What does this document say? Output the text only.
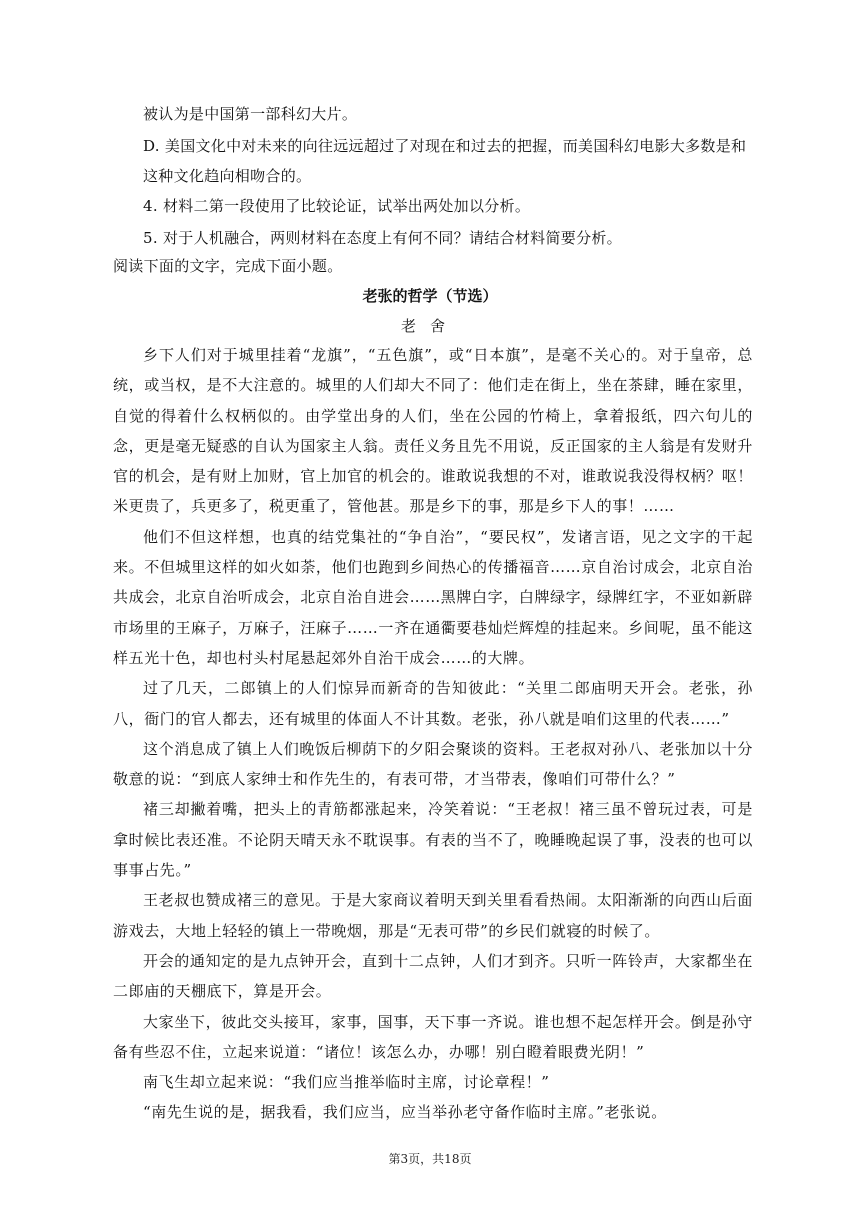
被认为是中国第一部科幻大片。
D. 美国文化中对未来的向往远远超过了对现在和过去的把握，而美国科幻电影大多数是和
这种文化趋向相吻合的。
4. 材料二第一段使用了比较论证，试举出两处加以分析。
5. 对于人机融合，两则材料在态度上有何不同？请结合材料简要分析。
阅读下面的文字，完成下面小题。
老张的哲学（节选）
老舍

乡下人们对于城里挂着“龙旗”，“五色旗”，或“日本旗”，是毫不关心的。对于皇帝，总统，或当权，是不大注意的。城里的人们却大不同了：他们走在街上，坐在茶肆，睡在家里，自觉的得着什么权柄似的。由学堂出身的人们，坐在公园的竹椅上，拿着报纸，四六句儿的念，更是毫无疑惑的自认为国家主人翁。责任义务且先不用说，反正国家的主人翁是有发财升官的机会，是有财上加财，官上加官的机会的。谁敢说我想的不对，谁敢说我没得权柄？呕！米更贵了，兵更多了，税更重了，管他甚。那是乡下的事，那是乡下人的事！……

他们不但这样想，也真的结党集社的“争自治”，“要民权”，发诸言语，见之文字的干起来。不但城里这样的如火如荼，他们也跑到乡间热心的传播福音……京自治讨成会，北京自治共成会，北京自治听成会，北京自治自进会……黑牌白字，白牌绿字，绿牌红字，不亚如新辟市场里的王麻子，万麻子，汪麻子……一齐在通衢要巷灿烂辉煌的挂起来。乡间呢，虽不能这样五光十色，却也村头村尾悬起郊外自治干成会……的大牌。

过了几天，二郎镇上的人们惊异而新奇的告知彼此：“关里二郎庙明天开会。老张，孙八，衙门的官人都去，还有城里的体面人不计其数。老张，孙八就是咱们这里的代表……”

这个消息成了镇上人们晚饭后柳荫下的夕阳会聚谈的资料。王老叔对孙八、老张加以十分敬意的说：“到底人家绅士和作先生的，有表可带，才当带表，像咱们可带什么？”

褚三却撇着嘴，把头上的青筋都涨起来，冷笑着说：“王老叔！褚三虽不曾玩过表，可是拿时候比表还准。不论阴天晴天永不耽误事。有表的当不了，晚睡晚起误了事，没表的也可以事事占先。”

王老叔也赞成褚三的意见。于是大家商议着明天到关里看看热闹。太阳渐渐的向西山后面游戏去，大地上轻轻的镇上一带晚烟，那是“无表可带”的乡民们就寝的时候了。

开会的通知定的是九点钟开会，直到十二点钟，人们才到齐。只听一阵铃声，大家都坐在二郎庙的天棚底下，算是开会。

大家坐下，彼此交头接耳，家事，国事，天下事一齐说。谁也想不起怎样开会。倒是孙守备有些忍不住，立起来说道：“诸位！该怎么办，办哪！别白瞪着眼费光阴！”

南飞生却立起来说：“我们应当推举临时主席，讨论章程！”

“南先生说的是，据我看，我们应当，应当举孙老守备作临时主席。”老张说。

第3页，共18页
